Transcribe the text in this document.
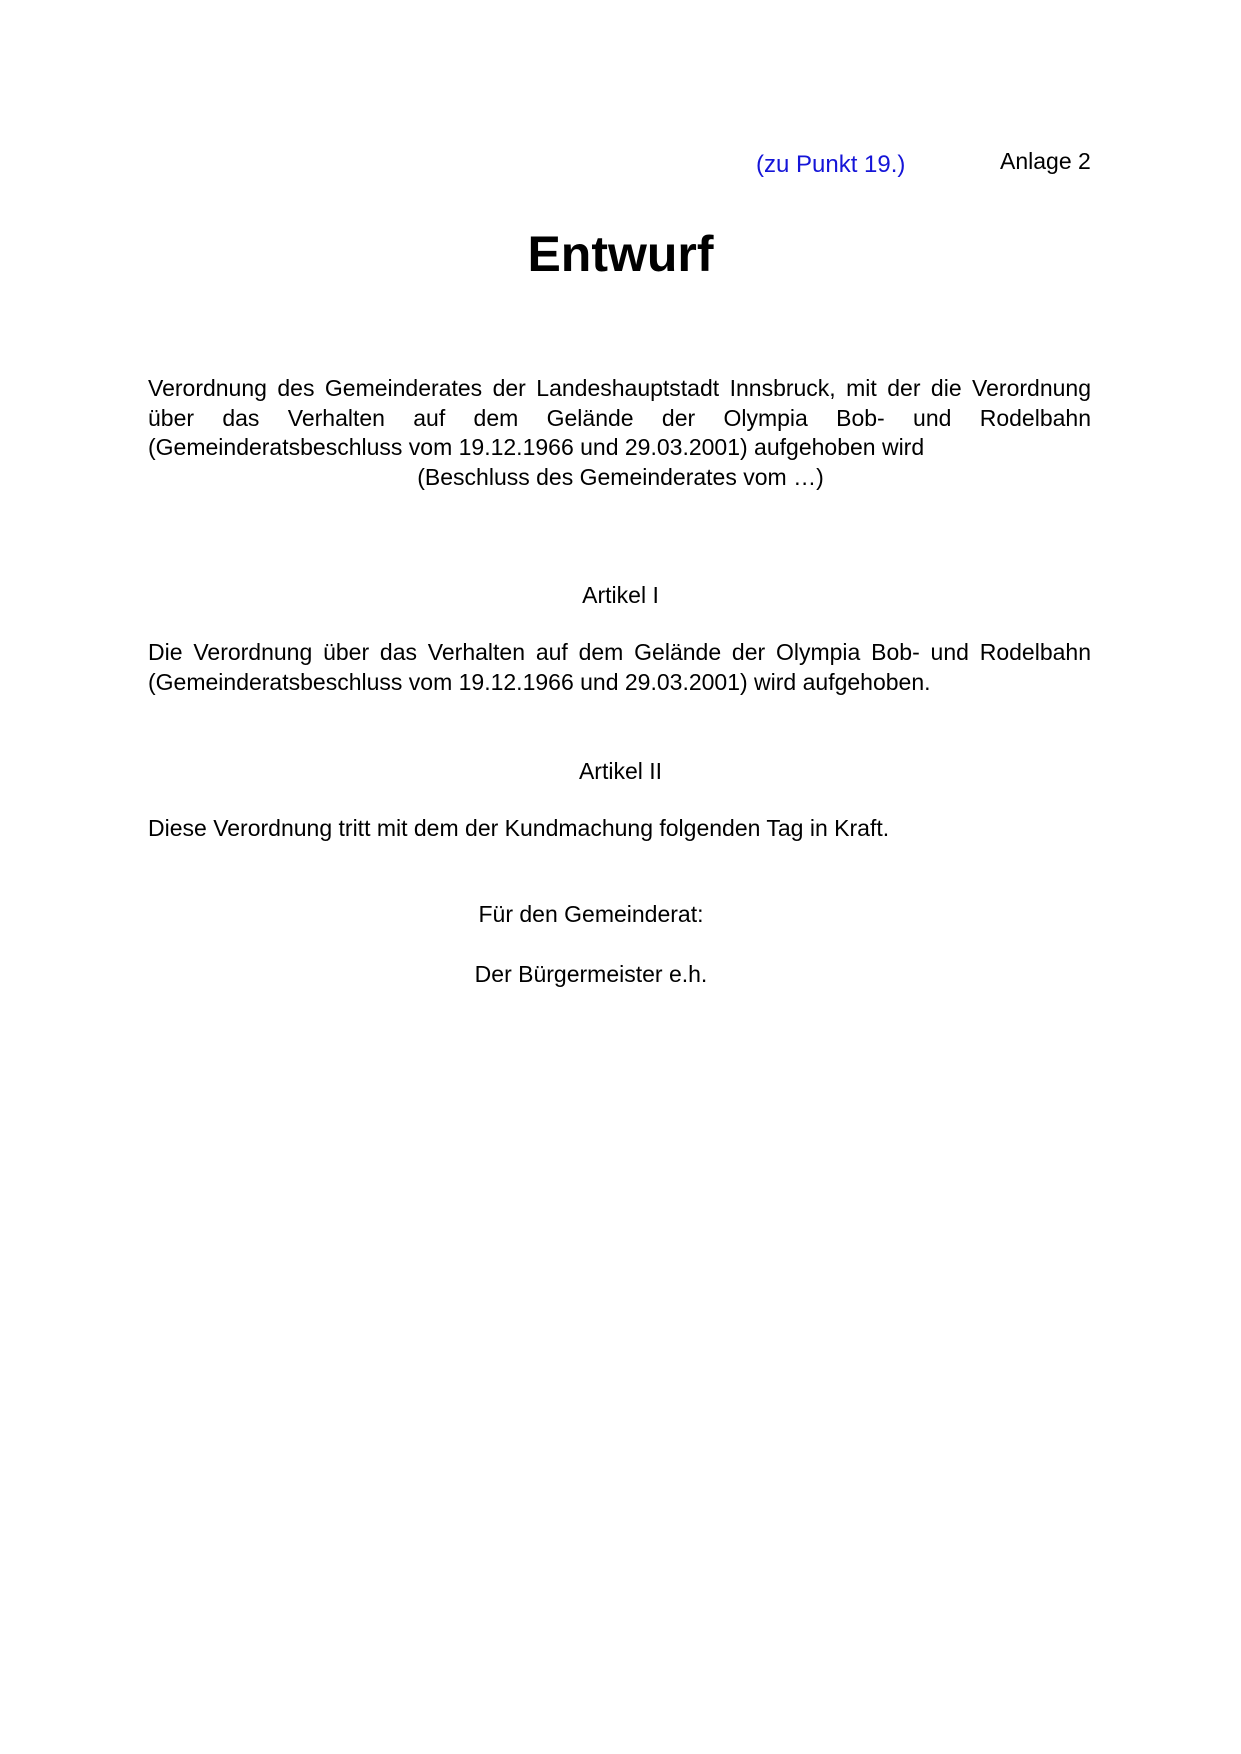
(zu Punkt 19.)	Anlage 2

Entwurf
Verordnung des Gemeinderates der Landeshauptstadt Innsbruck, mit der die Verordnung
über das Verhalten auf dem Gelände der Olympia Bob- und Rodelbahn
(Gemeinderatsbeschluss vom 19.12.1966 und 29.03.2001) aufgehoben wird

(Beschluss des Gemeinderates vom …)

Artikel I

Die Verordnung über das Verhalten auf dem Gelände der Olympia Bob- und Rodelbahn
(Gemeinderatsbeschluss vom 19.12.1966 und 29.03.2001) wird aufgehoben.

Artikel II

Diese Verordnung tritt mit dem der Kundmachung folgenden Tag in Kraft.

Für den Gemeinderat:

Der Bürgermeister e.h.
